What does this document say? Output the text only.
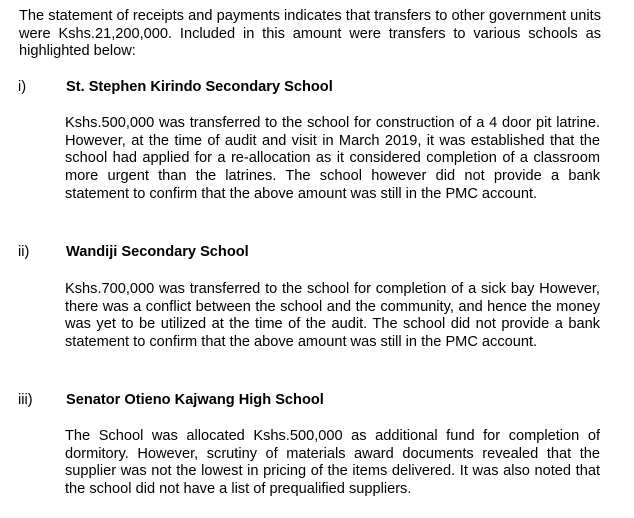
The statement of receipts and payments indicates that transfers to other government units were Kshs.21,200,000. Included in this amount were transfers to various schools as highlighted below:

i)	St. Stephen Kirindo Secondary School

Kshs.500,000 was transferred to the school for construction of a 4 door pit latrine. However, at the time of audit and visit in March 2019, it was established that the school had applied for a re-allocation as it considered completion of a classroom more urgent than the latrines. The school however did not provide a bank statement to confirm that the above amount was still in the PMC account.

ii)	Wandiji Secondary School

Kshs.700,000 was transferred to the school for completion of a sick bay However, there was a conflict between the school and the community, and hence the money was yet to be utilized at the time of the audit. The school did not provide a bank statement to confirm that the above amount was still in the PMC account.

iii) Senator Otieno Kajwang High School

The School was allocated Kshs.500,000 as additional fund for completion of dormitory. However, scrutiny of materials award documents revealed that the supplier was not the lowest in pricing of the items delivered. It was also noted that the school did not have a list of prequalified suppliers.
